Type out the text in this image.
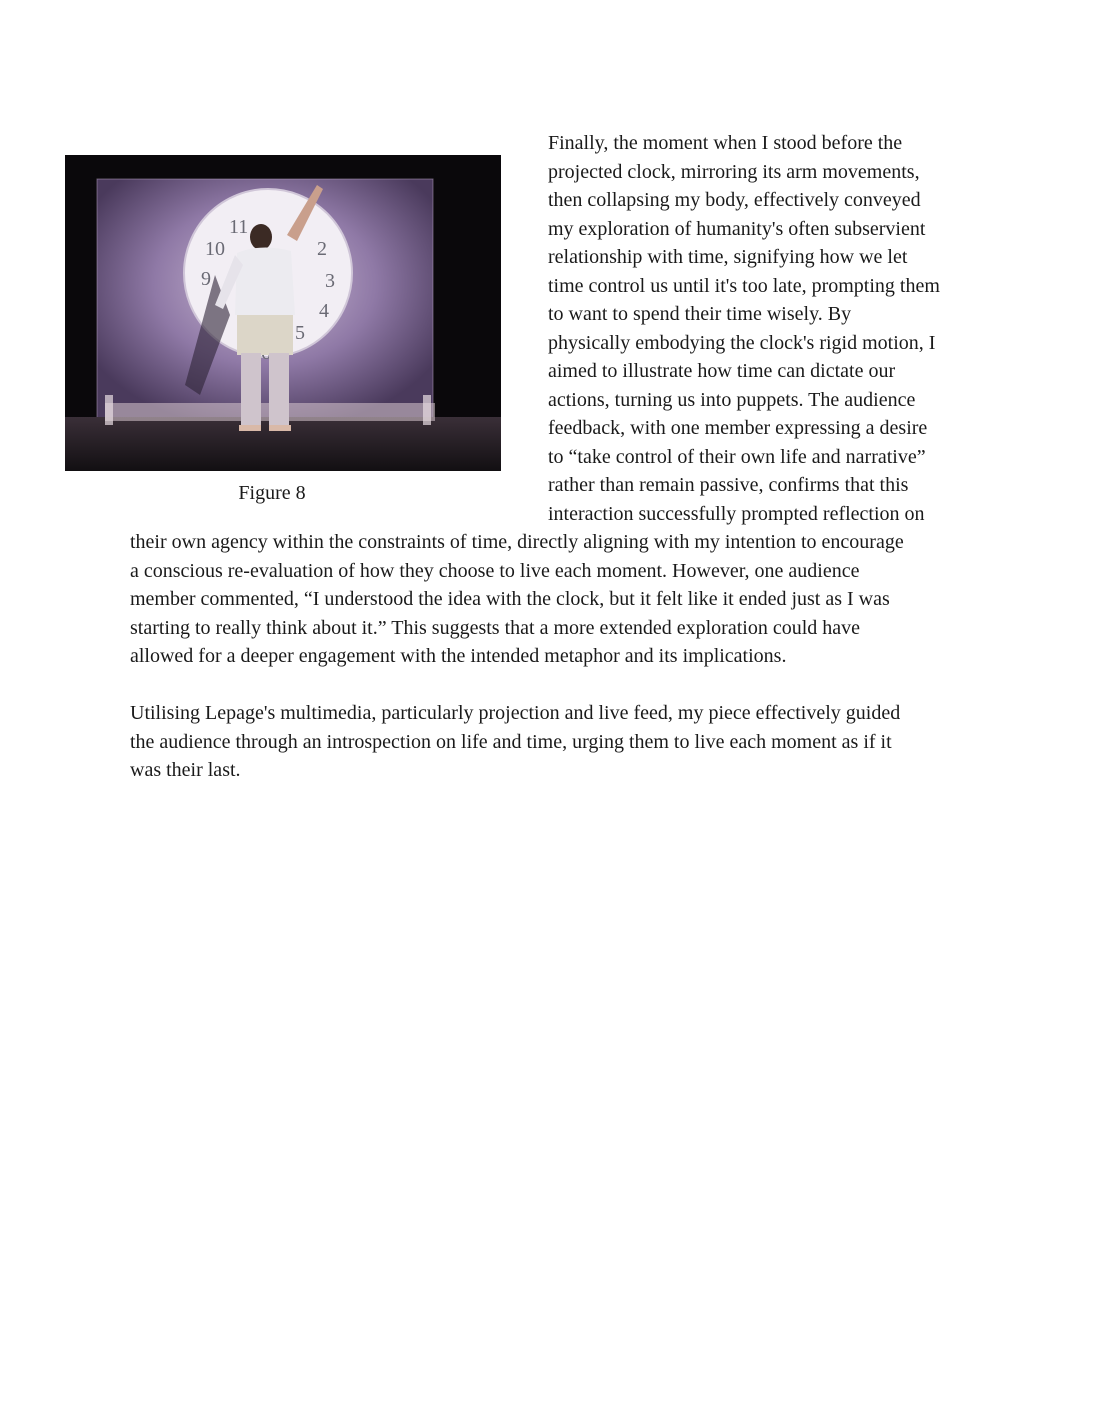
11
10
9
2
3
4
5
Figure 8

Finally, the moment when I stood before the

projected clock, mirroring its arm movements,

then collapsing my body, effectively conveyed

my exploration of humanity's often subservient

relationship with time, signifying how we let

time control us until it's too late, prompting them

to want to spend their time wisely. By

physically embodying the clock's rigid motion, I

aimed to illustrate how time can dictate our

actions, turning us into puppets. The audience

feedback, with one member expressing a desire

to “take control of their own life and narrative”

rather than remain passive, confirms that this

interaction successfully prompted reflection on

their own agency within the constraints of time, directly aligning with my intention to encourage
a conscious re-evaluation of how they choose to live each moment. However, one audience
member commented, “I understood the idea with the clock, but it felt like it ended just as I was
starting to really think about it.” This suggests that a more extended exploration could have
allowed for a deeper engagement with the intended metaphor and its implications.

Utilising Lepage's multimedia, particularly projection and live feed, my piece effectively guided
the audience through an introspection on life and time, urging them to live each moment as if it
was their last.
